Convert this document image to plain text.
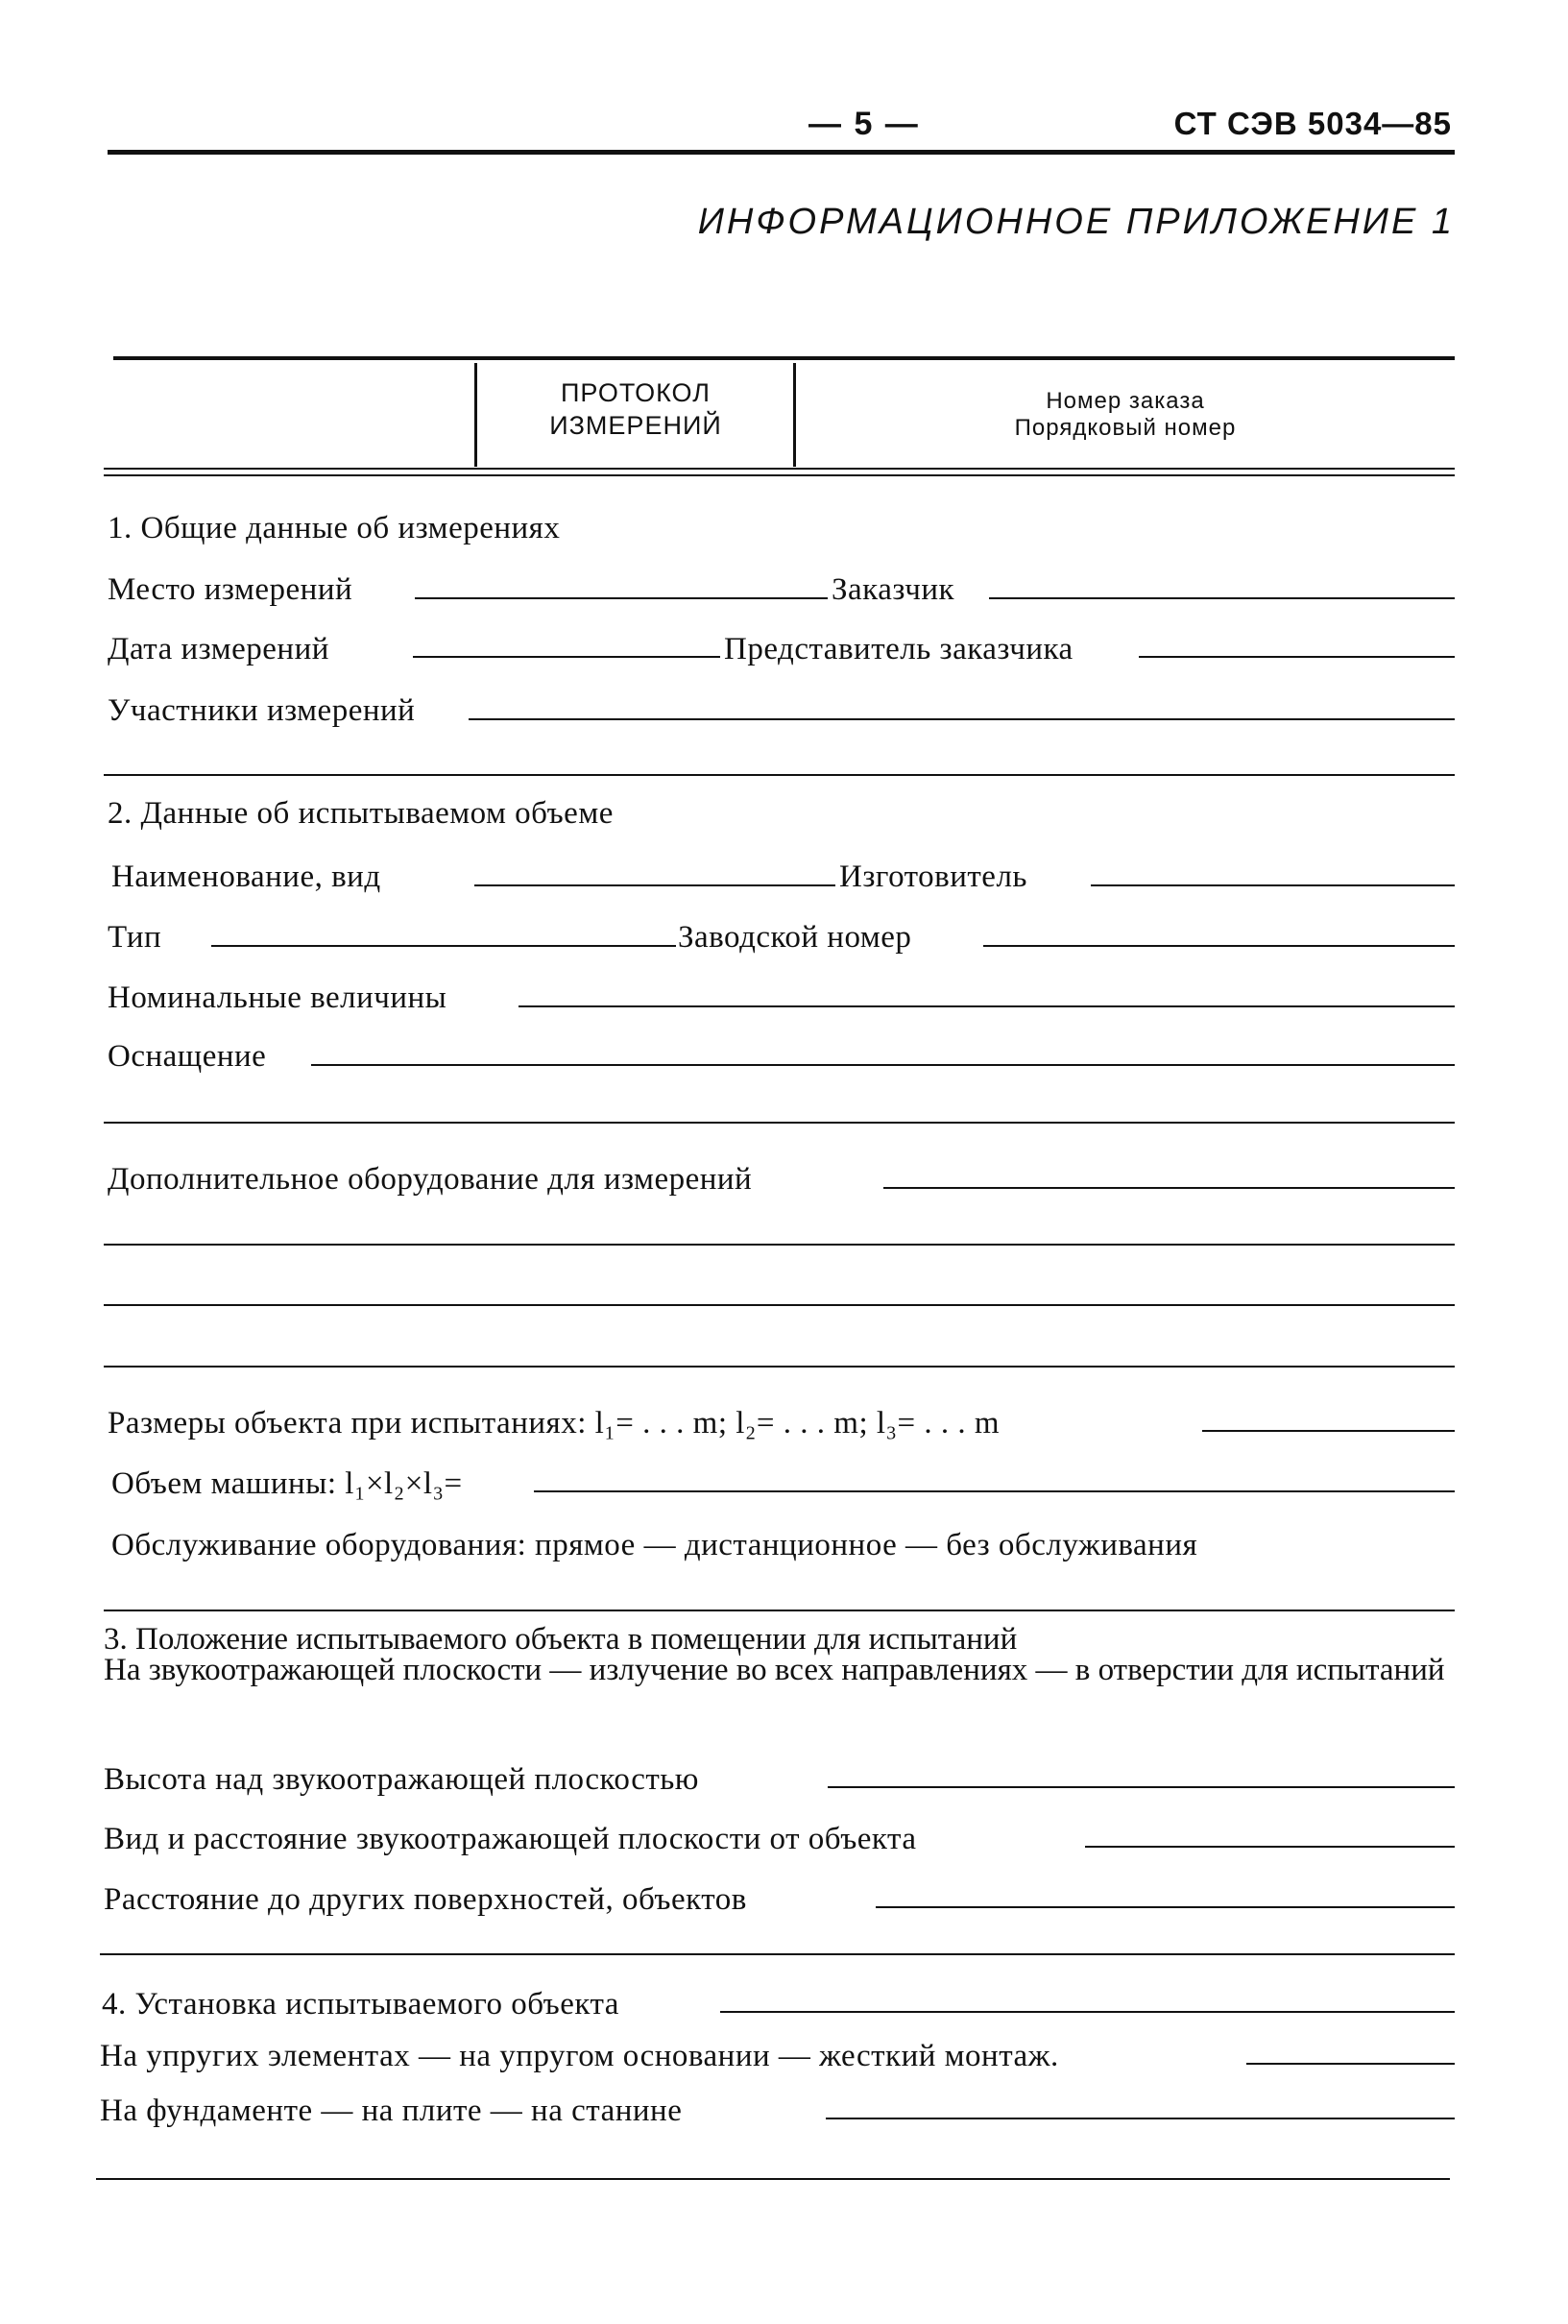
— 5 —	СТ СЭВ 5034—85
ИНФОРМАЦИОННОЕ ПРИЛОЖЕНИЕ 1
ПРОТОКОЛ
ИЗМЕРЕНИЙ
Номер заказа
Порядковый номер
1. Общие данные об измерениях
Место измерений	Заказчик
Дата измерений	Представитель заказчика
Участники измерений
2. Данные об испытываемом объеме
Наименование, вид	Изготовитель
Тип	Заводской номер
Номинальные величины
Оснащение
Дополнительное оборудование для измерений
Размеры объекта при испытаниях: l₁= . . . m; l₂= . . . m; l₃= . . . m
Объем машины: l₁×l₂×l₃=
Обслуживание оборудования: прямое — дистанционное — без обслуживания
3. Положение испытываемого объекта в помещении для испытаний
На звукоотражающей плоскости — излучение во всех направлениях — в отверстии для испытаний
Высота над звукоотражающей плоскостью
Вид и расстояние звукоотражающей плоскости от объекта
Расстояние до других поверхностей, объектов
4. Установка испытываемого объекта
На упругих элементах — на упругом основании — жесткий монтаж.
На фундаменте — на плите — на станине
